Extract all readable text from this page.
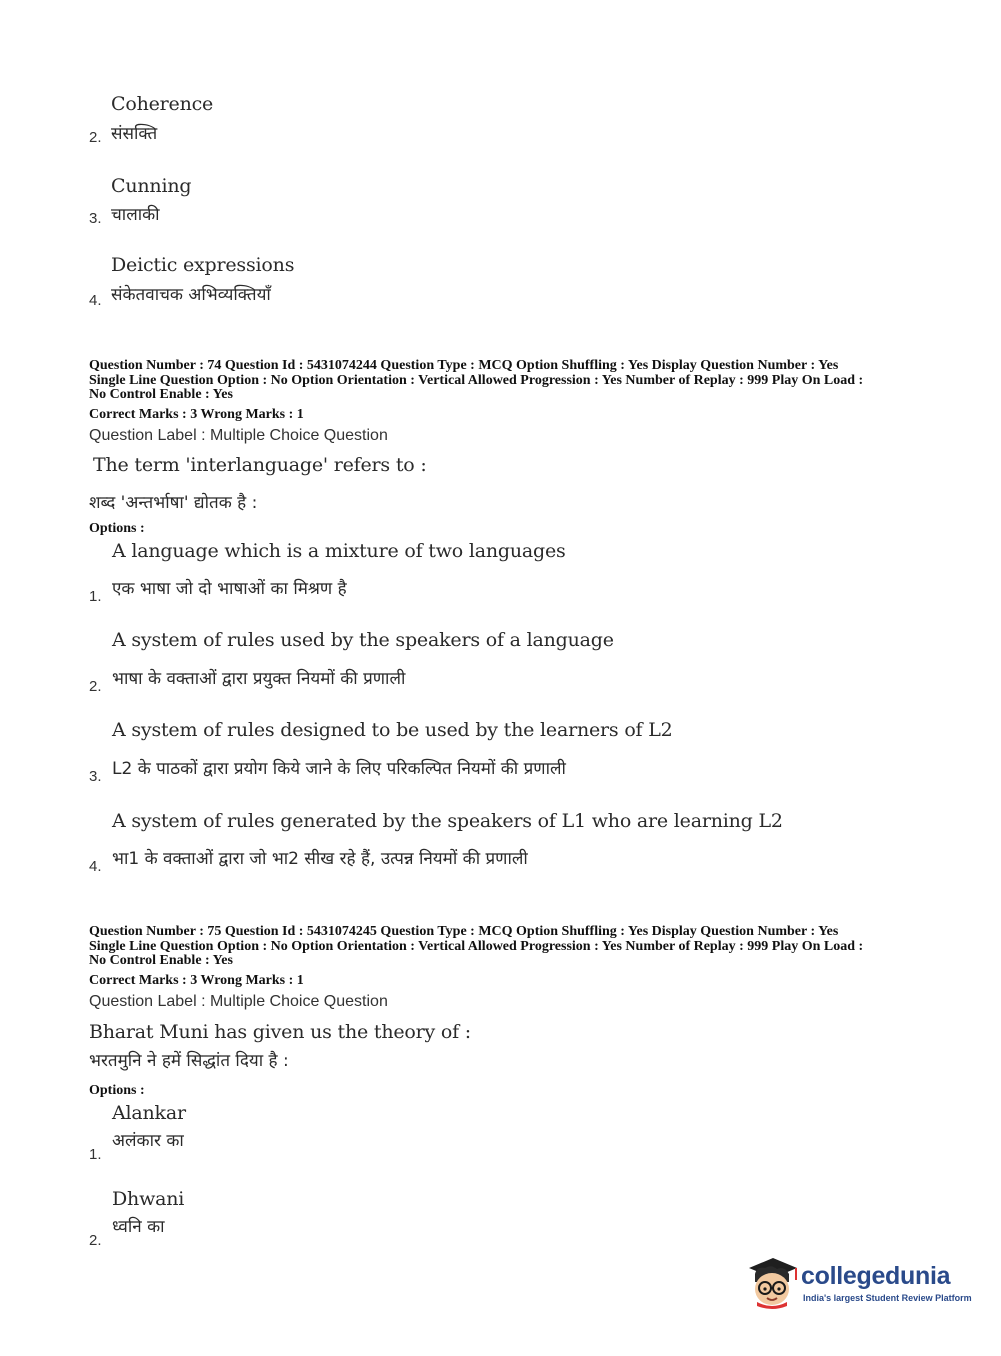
Coherence
संसक्ति
2.
Cunning
चालाकी
3.
Deictic expressions
संकेतवाचक अभिव्यक्तियाँ
4.
Question Number : 74 Question Id : 5431074244 Question Type : MCQ Option Shuffling : Yes Display Question Number : Yes
Single Line Question Option : No Option Orientation : Vertical Allowed Progression : Yes Number of Replay : 999 Play On Load :
No Control Enable : Yes
Correct Marks : 3 Wrong Marks : 1
Question Label : Multiple Choice Question
The term 'interlanguage' refers to :
शब्द 'अन्तर्भाषा' द्योतक है :
Options :
A language which is a mixture of two languages
एक भाषा जो दो भाषाओं का मिश्रण है
1.
A system of rules used by the speakers of a language
भाषा के वक्ताओं द्वारा प्रयुक्त नियमों की प्रणाली
2.
A system of rules designed to be used by the learners of L2
L2 के पाठकों द्वारा प्रयोग किये जाने के लिए परिकल्पित नियमों की प्रणाली
3.
A system of rules generated by the speakers of L1 who are learning L2
भा1 के वक्ताओं द्वारा जो भा2 सीख रहे हैं, उत्पन्न नियमों की प्रणाली
4.
Question Number : 75 Question Id : 5431074245 Question Type : MCQ Option Shuffling : Yes Display Question Number : Yes
Single Line Question Option : No Option Orientation : Vertical Allowed Progression : Yes Number of Replay : 999 Play On Load :
No Control Enable : Yes
Correct Marks : 3 Wrong Marks : 1
Question Label : Multiple Choice Question
Bharat Muni has given us the theory of :
भरतमुनि ने हमें सिद्धांत दिया है :
Options :
Alankar
अलंकार का
1.
Dhwani
ध्वनि का
2.
collegedunia
India's largest Student Review Platform
